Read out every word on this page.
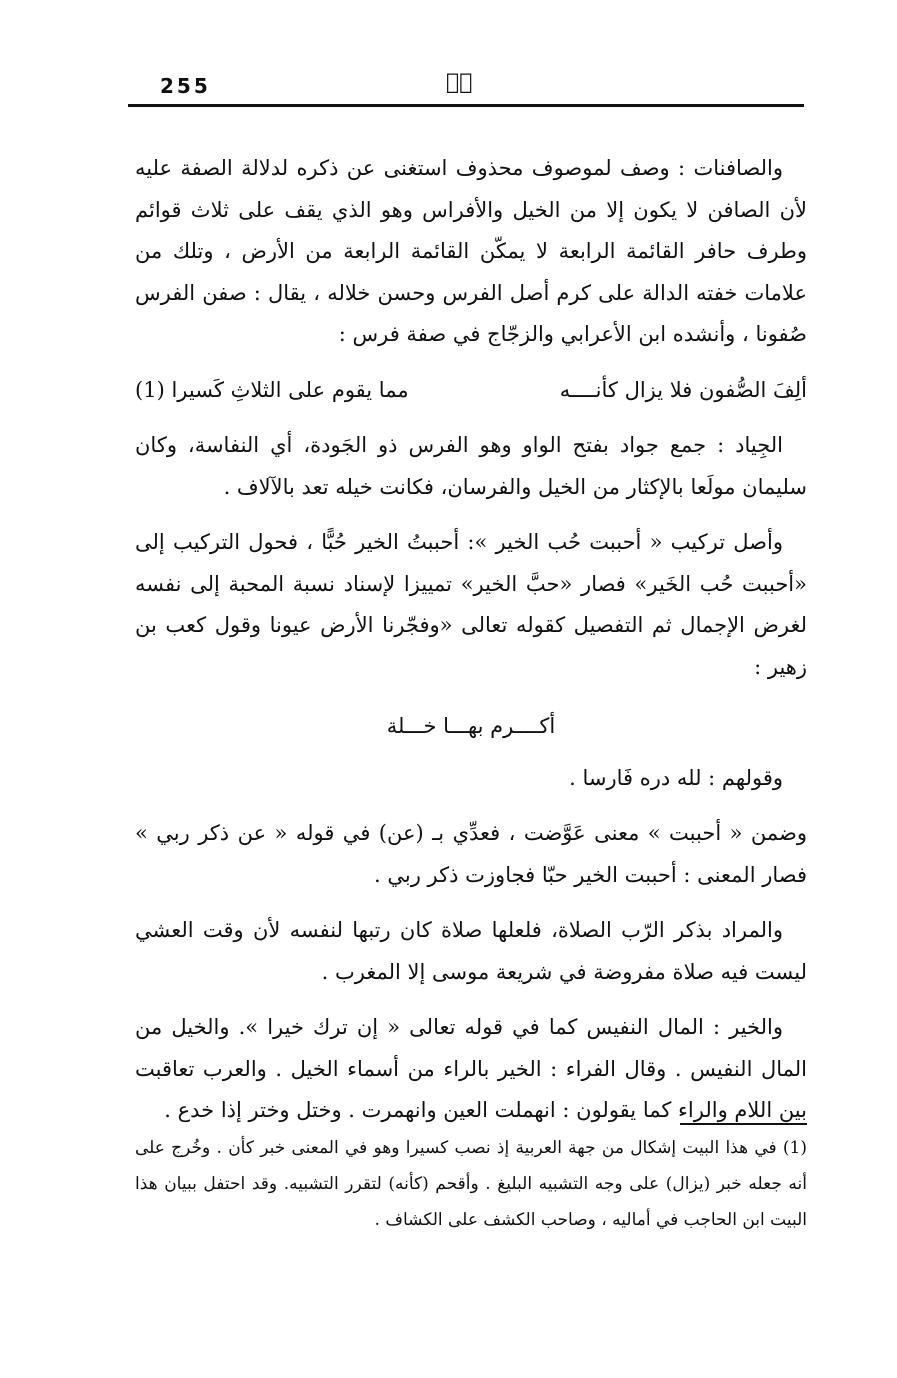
255	صۤ

والصافنات : وصف لموصوف محذوف استغنى عن ذكره لدلالة الصفة عليه لأن الصافن لا يكون إلا من الخيل والأفراس وهو الذي يقف على ثلاث قوائم وطرف حافر القائمة الرابعة لا يمكّن القائمة الرابعة من الأرض ، وتلك من علامات خفته الدالة على كرم أصل الفرس وحسن خلاله ، يقال : صفن الفرس صُفونا ، وأنشده ابن الأعرابي والزجّاج في صفة فرس :

ألِفَ الصُّفون فلا يزال كأنــــه
مما يقوم على الثلاثِ كَسيرا (1)

الجِياد : جمع جواد بفتح الواو وهو الفرس ذو الجَودة، أي النفاسة، وكان سليمان مولَعا بالإكثار من الخيل والفرسان، فكانت خيله تعد بالآلاف .

وأصل تركيب « أحببت حُب الخير »: أحببتُ الخير حُبًّا ، فحول التركيب إلى «أحببت حُب الخَير» فصار «حبَّ الخير» تمييزا لإسناد نسبة المحبة إلى نفسه لغرض الإجمال ثم التفصيل كقوله تعالى «وفجّرنا الأرض عيونا وقول كعب بن زهير :

أكــــرم بهـــا خـــلة

وقولهم : لله دره فَارسا .

وضمن « أحببت » معنى عَوَّضت ، فعدِّي بـ (عن) في قوله « عن ذكر ربي » فصار المعنى : أحببت الخير حبّا فجاوزت ذكر ربي .

والمراد بذكر الرّب الصلاة، فلعلها صلاة كان رتبها لنفسه لأن وقت العشي ليست فيه صلاة مفروضة في شريعة موسى إلا المغرب .

والخير : المال النفيس كما في قوله تعالى « إن ترك خيرا ». والخيل من المال النفيس . وقال الفراء : الخير بالراء من أسماء الخيل . والعرب تعاقبت بين اللام والراء كما يقولون : انهملت العين وانهمرت . وختل وختر إذا خدع .

(1) في هذا البيت إشكال من جهة العربية إذ نصب كسيرا وهو في المعنى خبر كأن . وخُرج على أنه جعله خبر (يزال) على وجه التشبيه البليغ . وأقحم (كأنه) لتقرر التشبيه. وقد احتفل ببيان هذا البيت ابن الحاجب في أماليه ، وصاحب الكشف على الكشاف .
